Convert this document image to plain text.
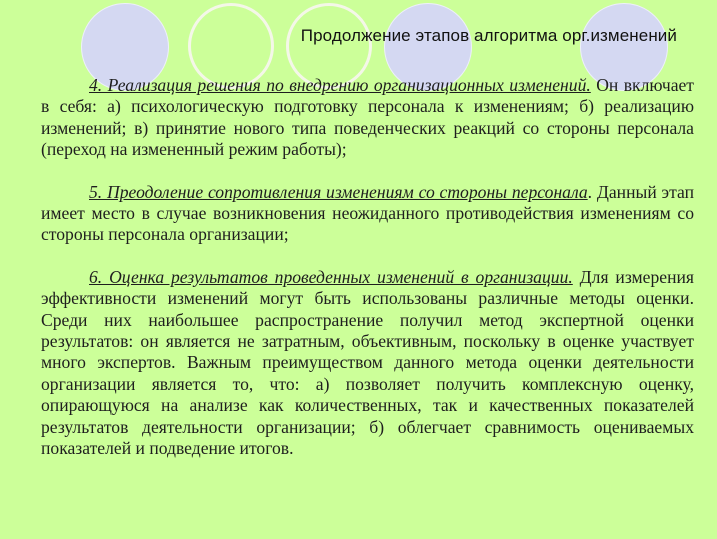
Продолжение этапов алгоритма орг.изменений

4. Реализация решения по внедрению организационных изменений. Он включает в себя: а) психологическую подготовку персонала к изменениям; б) реализацию изменений; в) принятие нового типа поведенческих реакций со стороны персонала (переход на измененный режим работы);

5. Преодоление сопротивления изменениям со стороны персонала. Данный этап имеет место в случае возникновения неожиданного противодействия изменениям со стороны персонала организации;

6. Оценка результатов проведенных изменений в организации. Для измерения эффективности изменений могут быть использованы различные методы оценки. Среди них наибольшее распространение получил метод экспертной оценки результатов: он является не затратным, объективным, поскольку в оценке участвует много экспертов. Важным преимуществом данного метода оценки деятельности организации является то, что: а) позволяет получить комплексную оценку, опирающуюся на анализе как количественных, так и качественных показателей результатов деятельности организации; б) облегчает сравнимость оцениваемых показателей и подведение итогов.
